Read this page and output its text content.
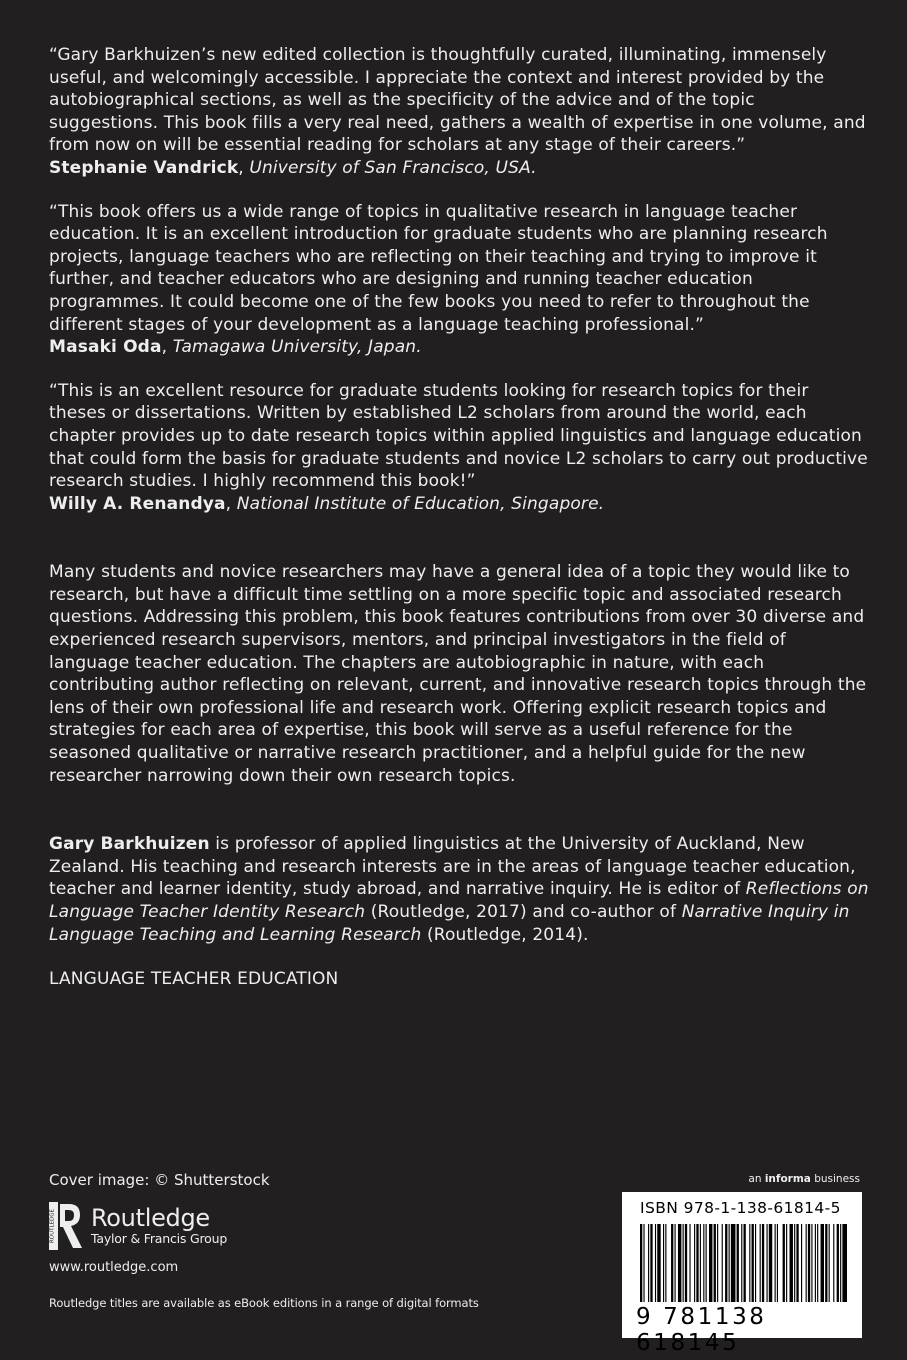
“Gary Barkhuizen’s new edited collection is thoughtfully curated, illuminating, immensely useful, and welcomingly accessible. I appreciate the context and interest provided by the autobiographical sections, as well as the specificity of the advice and of the topic suggestions. This book fills a very real need, gathers a wealth of expertise in one volume, and from now on will be essential reading for scholars at any stage of their careers.”

Stephanie Vandrick, University of San Francisco, USA.

“This book offers us a wide range of topics in qualitative research in language teacher education. It is an excellent introduction for graduate students who are planning research projects, language teachers who are reflecting on their teaching and trying to improve it further, and teacher educators who are designing and running teacher education programmes. It could become one of the few books you need to refer to throughout the different stages of your development as a language teaching professional.”

Masaki Oda, Tamagawa University, Japan.

“This is an excellent resource for graduate students looking for research topics for their theses or dissertations. Written by established L2 scholars from around the world, each chapter provides up to date research topics within applied linguistics and language education that could form the basis for graduate students and novice L2 scholars to carry out productive research studies. I highly recommend this book!”

Willy A. Renandya, National Institute of Education, Singapore.

Many students and novice researchers may have a general idea of a topic they would like to research, but have a difficult time settling on a more specific topic and associated research questions. Addressing this problem, this book features contributions from over 30 diverse and experienced research supervisors, mentors, and principal investigators in the field of language teacher education. The chapters are autobiographic in nature, with each contributing author reflecting on relevant, current, and innovative research topics through the lens of their own professional life and research work. Offering explicit research topics and strategies for each area of expertise, this book will serve as a useful reference for the seasoned qualitative or narrative research practitioner, and a helpful guide for the new researcher narrowing down their own research topics.

Gary Barkhuizen is professor of applied linguistics at the University of Auckland, New Zealand. His teaching and research interests are in the areas of language teacher education, teacher and learner identity, study abroad, and narrative inquiry. He is editor of Reflections on Language Teacher Identity Research (Routledge, 2017) and co-author of Narrative Inquiry in Language Teaching and Learning Research (Routledge, 2014).

LANGUAGE TEACHER EDUCATION

Cover image: © Shutterstock
ROUTLEDGE Routledge
Taylor & Francis Group
www.routledge.com
Routledge titles are available as eBook editions in a range of digital formats
an informa business
ISBN 978-1-138-61814-5
9 781138 618145
